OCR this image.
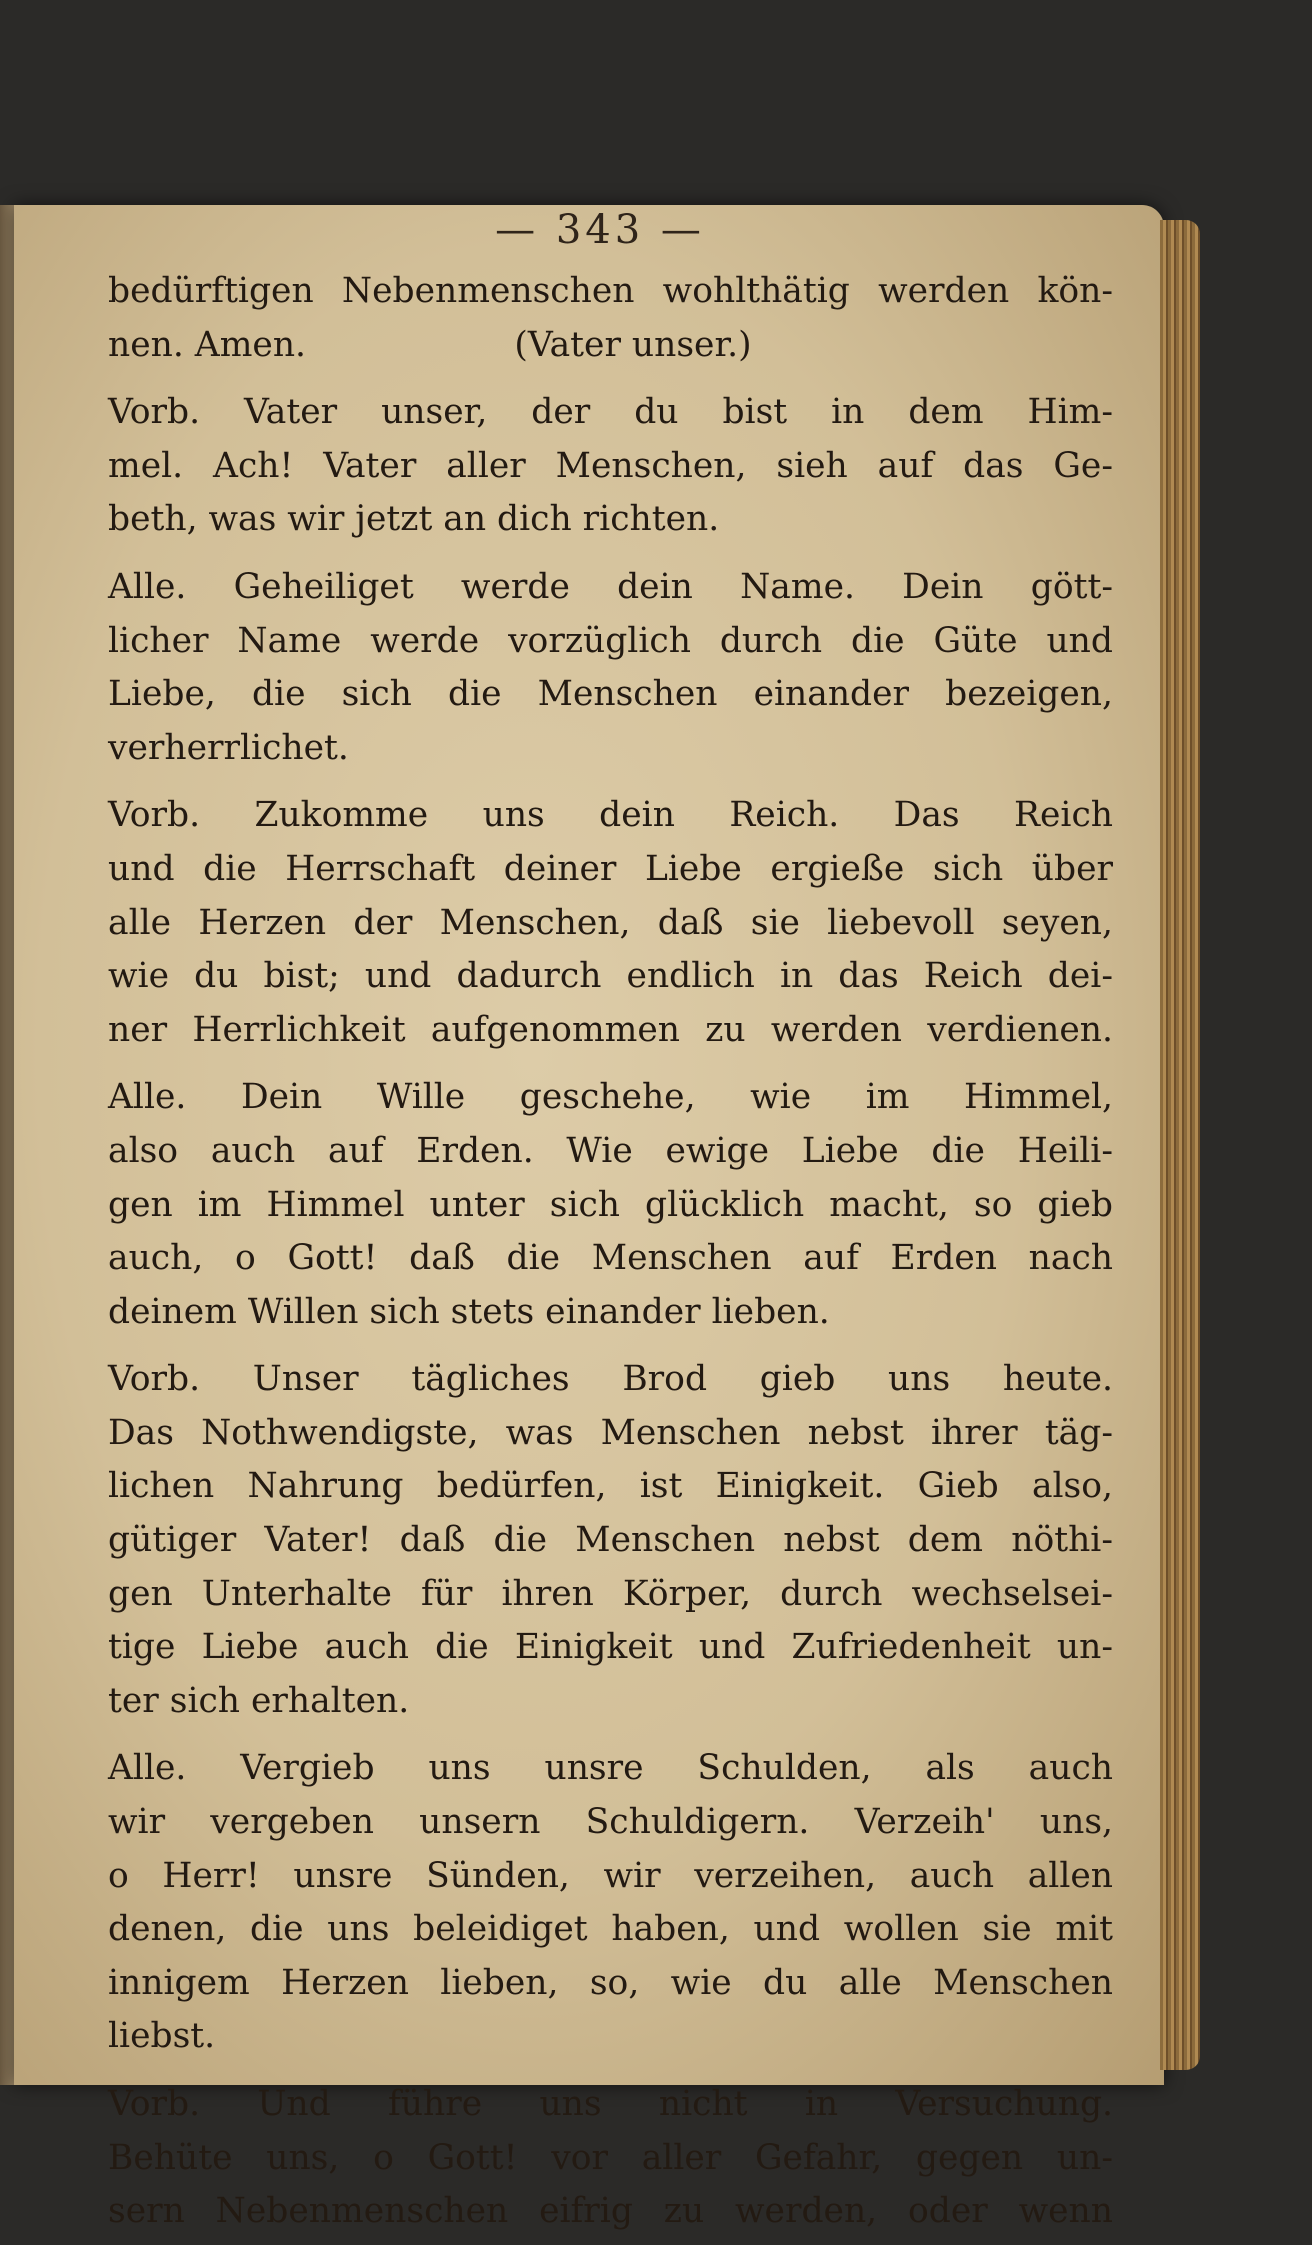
— 343 —

bedürftigen Nebenmenschen wohlthätig werden kön-

nen. Amen.                   (Vater unser.)

Vorb. Vater unser, der du bist in dem Him-

mel. Ach! Vater aller Menschen, sieh auf das Ge-

beth, was wir jetzt an dich richten.

Alle. Geheiliget werde dein Name. Dein gött-

licher Name werde vorzüglich durch die Güte und

Liebe, die sich die Menschen einander bezeigen,

verherrlichet.

Vorb. Zukomme uns dein Reich. Das Reich

und die Herrschaft deiner Liebe ergieße sich über

alle Herzen der Menschen, daß sie liebevoll seyen,

wie du bist; und dadurch endlich in das Reich dei-

ner Herrlichkeit aufgenommen zu werden verdienen.

Alle. Dein Wille geschehe, wie im Himmel,

also auch auf Erden. Wie ewige Liebe die Heili-

gen im Himmel unter sich glücklich macht, so gieb

auch, o Gott! daß die Menschen auf Erden nach

deinem Willen sich stets einander lieben.

Vorb. Unser tägliches Brod gieb uns heute.

Das Nothwendigste, was Menschen nebst ihrer täg-

lichen Nahrung bedürfen, ist Einigkeit. Gieb also,

gütiger Vater! daß die Menschen nebst dem nöthi-

gen Unterhalte für ihren Körper, durch wechselsei-

tige Liebe auch die Einigkeit und Zufriedenheit un-

ter sich erhalten.

Alle. Vergieb uns unsre Schulden, als auch

wir vergeben unsern Schuldigern. Verzeih' uns,

o Herr! unsre Sünden, wir verzeihen, auch allen

denen, die uns beleidiget haben, und wollen sie mit

innigem Herzen lieben, so, wie du alle Menschen

liebst.

Vorb. Und führe uns nicht in Versuchung.

Behüte uns, o Gott! vor aller Gefahr, gegen un-

sern Nebenmenschen eifrig zu werden, oder wenn
